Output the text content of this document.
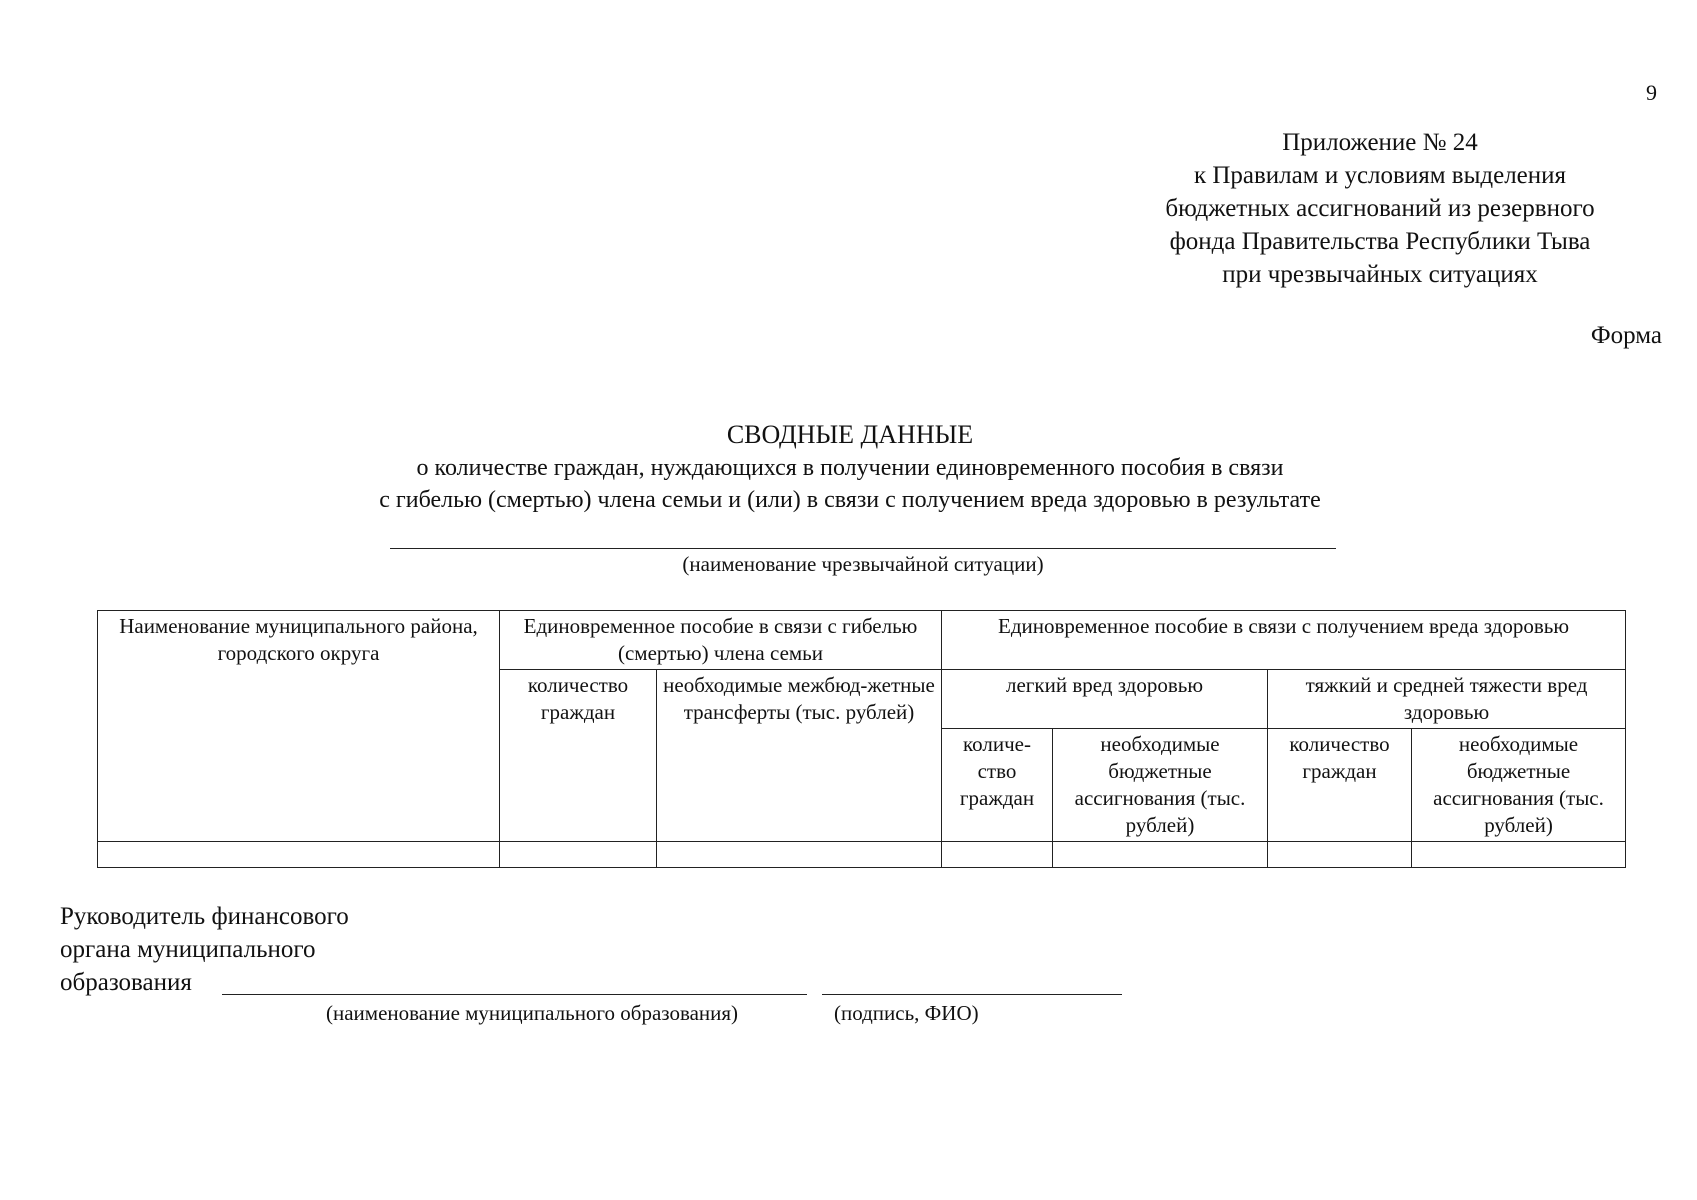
9
Приложение № 24
к Правилам и условиям выделения
бюджетных ассигнований из резервного
фонда Правительства Республики Тыва
при чрезвычайных ситуациях
Форма
СВОДНЫЕ ДАННЫЕ
о количестве граждан, нуждающихся в получении единовременного пособия в связи
с гибелью (смертью) члена семьи и (или) в связи с получением вреда здоровью в результате
(наименование чрезвычайной ситуации)
Наименование муниципального района, городского округа	Единовременное пособие в связи с гибелью (смертью) члена семьи		Единовременное пособие в связи с получением вреда здоровью			
	количество граждан	необходимые межбюд-жетные трансферты (тыс. рублей)	легкий вред здоровью		тяжкий и средней тяжести вред здоровью	
			количе-ство граждан	необходимые бюджетные ассигнования (тыс. рублей)	количество граждан	необходимые бюджетные ассигнования (тыс. рублей)

Руководитель финансового
органа муниципального
образования
(наименование муниципального образования)	(подпись, ФИО)
